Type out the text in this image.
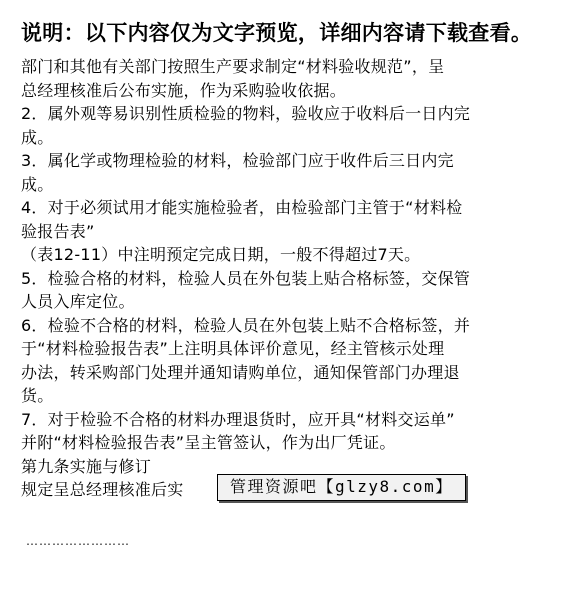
说明：以下内容仅为文字预览，详细内容请下载查看。
部门和其他有关部门按照生产要求制定“材料验收规范”，呈
总经理核准后公布实施，作为采购验收依据。
2．属外观等易识别性质检验的物料，验收应于收料后一日内完
成。
3．属化学或物理检验的材料，检验部门应于收件后三日内完
成。
4．对于必须试用才能实施检验者，由检验部门主管于“材料检
验报告表”
（表12-11）中注明预定完成日期，一般不得超过7天。
5．检验合格的材料，检验人员在外包装上贴合格标签，交保管
人员入库定位。
6．检验不合格的材料，检验人员在外包装上贴不合格标签，并
于“材料检验报告表”上注明具体评价意见，经主管核示处理
办法，转采购部门处理并通知请购单位，通知保管部门办理退
货。
7．对于检验不合格的材料办理退货时，应开具“材料交运单”
并附“材料检验报告表”呈主管签认，作为出厂凭证。
第九条实施与修订
规定呈总经理核准后实	管理资源吧【glzy8.com】
……………………
